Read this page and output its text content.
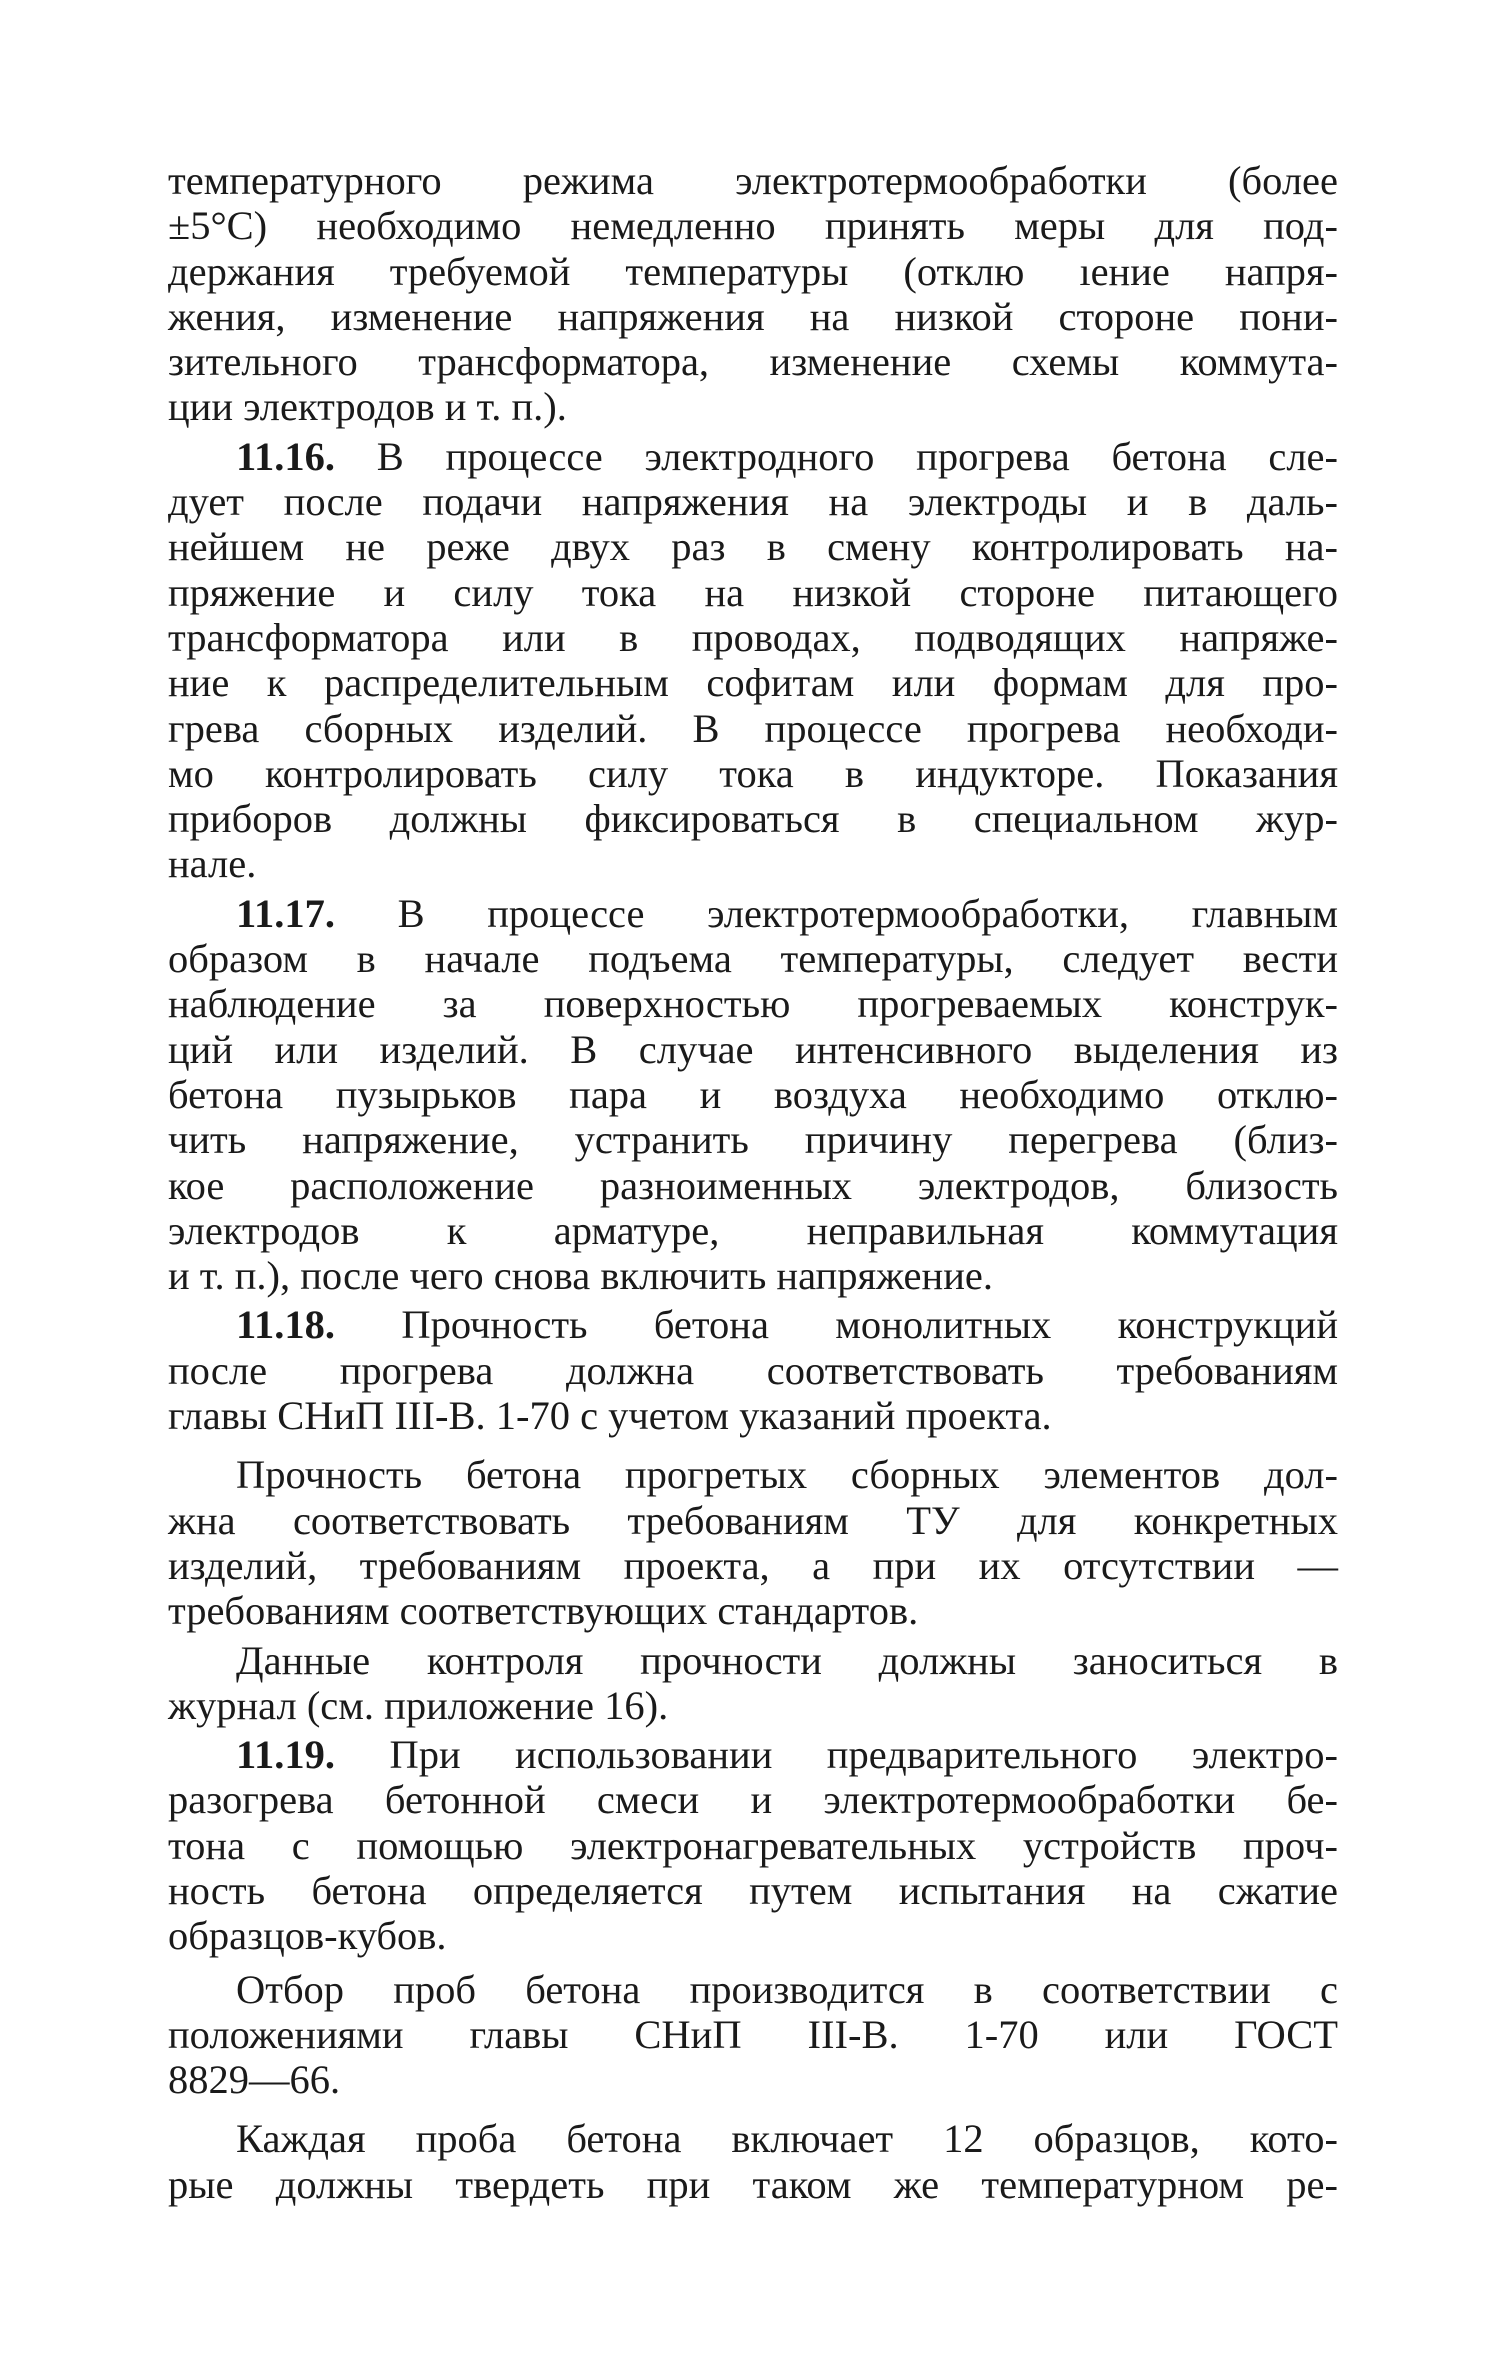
температурного режима электротермообработки (более
±5°С) необходимо немедленно принять меры для под-
держания требуемой температуры (отклю ıение напря-
жения, изменение напряжения на низкой стороне пони-
зительного трансформатора, изменение схемы коммута-
ции электродов и т. п.).
11.16. В процессе электродного прогрева бетона сле-
дует после подачи напряжения на электроды и в даль-
нейшем не реже двух раз в смену контролировать на-
пряжение и силу тока на низкой стороне питающего
трансформатора или в проводах, подводящих напряже-
ние к распределительным софитам или формам для про-
грева сборных изделий. В процессе прогрева необходи-
мо контролировать силу тока в индукторе. Показания
приборов должны фиксироваться в специальном жур-
нале.
11.17. В процессе электротермообработки, главным
образом в начале подъема температуры, следует вести
наблюдение за поверхностью прогреваемых конструк-
ций или изделий. В случае интенсивного выделения из
бетона пузырьков пара и воздуха необходимо отклю-
чить напряжение, устранить причину перегрева (близ-
кое расположение разноименных электродов, близость
электродов к арматуре, неправильная коммутация
и т. п.), после чего снова включить напряжение.
11.18. Прочность бетона монолитных конструкций
после прогрева должна соответствовать требованиям
главы СНиП III-В. 1-70 с учетом указаний проекта.
Прочность бетона прогретых сборных элементов дол-
жна соответствовать требованиям ТУ для конкретных
изделий, требованиям проекта, а при их отсутствии —
требованиям соответствующих стандартов.
Данные контроля прочности должны заноситься в
журнал (см. приложение 16).
11.19. При использовании предварительного электро-
разогрева бетонной смеси и электротермообработки бе-
тона с помощью электронагревательных устройств проч-
ность бетона определяется путем испытания на сжатие
образцов-кубов.
Отбор проб бетона производится в соответствии с
положениями главы СНиП III-В. 1-70 или ГОСТ
8829—66.
Каждая проба бетона включает 12 образцов, кото-
рые должны твердеть при таком же температурном ре-
